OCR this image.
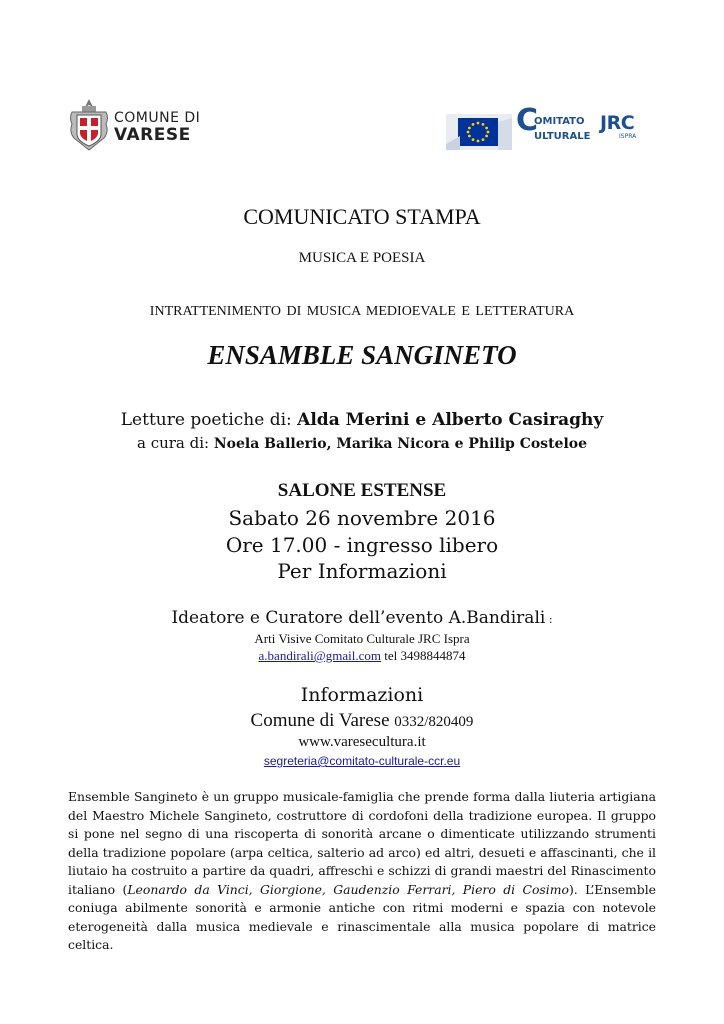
COMUNE DI
VARESE	C
OMITATO
ULTURALE
JRC
ISPRA
COMUNICATO STAMPA
MUSICA E POESIA
INTRATTENIMENTO DI MUSICA MEDIOEVALE E LETTERATURA
ENSAMBLE SANGINETO
Letture poetiche di: Alda Merini e Alberto Casiraghy
a cura di: Noela Ballerio, Marika Nicora e Philip Costeloe
SALONE ESTENSE
Sabato 26 novembre 2016
Ore 17.00 - ingresso libero
Per Informazioni
Ideatore e Curatore dell’evento A.Bandirali :
Arti Visive Comitato Culturale JRC Ispra
a.bandirali@gmail.com tel 3498844874
Informazioni
Comune di Varese 0332/820409
www.varesecultura.it
segreteria@comitato-culturale-ccr.eu
Ensemble Sangineto è un gruppo musicale-famiglia che prende forma dalla liuteria artigiana del Maestro Michele Sangineto, costruttore di cordofoni della tradizione europea. Il gruppo si pone nel segno di una riscoperta di sonorità arcane o dimenticate utilizzando strumenti della tradizione popolare (arpa celtica, salterio ad arco) ed altri, desueti e affascinanti, che il liutaio ha costruito a partire da quadri, affreschi e schizzi di grandi maestri del Rinascimento italiano (Leonardo da Vinci, Giorgione, Gaudenzio Ferrari, Piero di Cosimo). L’Ensemble coniuga abilmente sonorità e armonie antiche con ritmi moderni e spazia con notevole eterogeneità dalla musica medievale e rinascimentale alla musica popolare di matrice celtica.
